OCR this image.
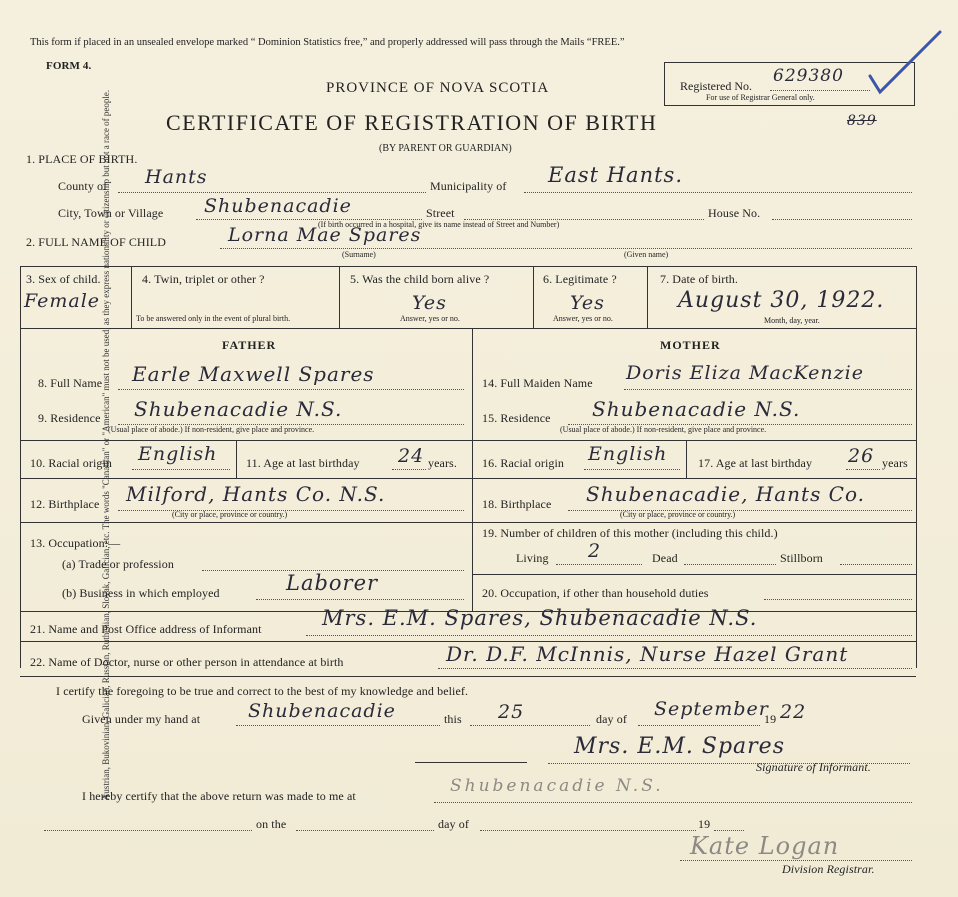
Austrian, Bukovinian, Galician, Russian, Ruthenian, Slovak, Galician, etc. The words "Canadian" or "American" must not be used, as they express nationality or citizenship but not a race of people.
This form if placed in an unsealed envelope marked “ Dominion Statistics free,” and properly addressed will pass through the Mails “FREE.”
FORM 4.
PROVINCE OF NOVA SCOTIA
CERTIFICATE OF REGISTRATION OF BIRTH
(BY PARENT OR GUARDIAN)
Registered No. 629380
For use of Registrar General only.
839
1. PLACE OF BIRTH.
County of Hants	Municipality of East Hants.
City, Town or Village Shubenacadie	Street	House No.
(If birth occurred in a hospital, give its name instead of Street and Number)
2. FULL NAME OF CHILD	Lorna Mae Spares
(Surname)	(Given name)
3. Sex of child.
Female
4. Twin, triplet or other ?
To be answered only in the event of plural birth.
5. Was the child born alive ?
Yes
Answer, yes or no.
6. Legitimate ?
Yes
Answer, yes or no.
7. Date of birth.
August 30, 1922.
Month, day, year.
FATHER	MOTHER
8. Full Name Earle Maxwell Spares	14. Full Maiden Name Doris Eliza MacKenzie
9. Residence Shubenacadie N.S.
(Usual place of abode.) If non-resident, give place and province.
15. Residence Shubenacadie N.S.
(Usual place of abode.) If non-resident, give place and province.
10. Racial origin English 11. Age at last birthday 24 years. 16. Racial origin English	17. Age at last birthday 26 years
12. Birthplace Milford, Hants Co. N.S.
(City or place, province or country.)
18. Birthplace Shubenacadie, Hants Co.
(City or place, province or country.)
13. Occupation:—
(a) Trade or profession
(b) Business in which employed	Laborer
19. Number of children of this mother (including this child.)
Living 2	Dead	Stillborn
20. Occupation, if other than household duties
21. Name and Post Office address of Informant	Mrs. E.M. Spares, Shubenacadie N.S.
22. Name of Doctor, nurse or other person in attendance at birth	Dr. D.F. McInnis, Nurse Hazel Grant
I certify the foregoing to be true and correct to the best of my knowledge and belief.
Given under my hand at	Shubenacadie	this 25	day of September
19 22
Mrs. E.M. Spares
Signature of Informant.
I hereby certify that the above return was made to me at	Shubenacadie N.S.
on the	day of	19
Kate Logan
Division Registrar.
